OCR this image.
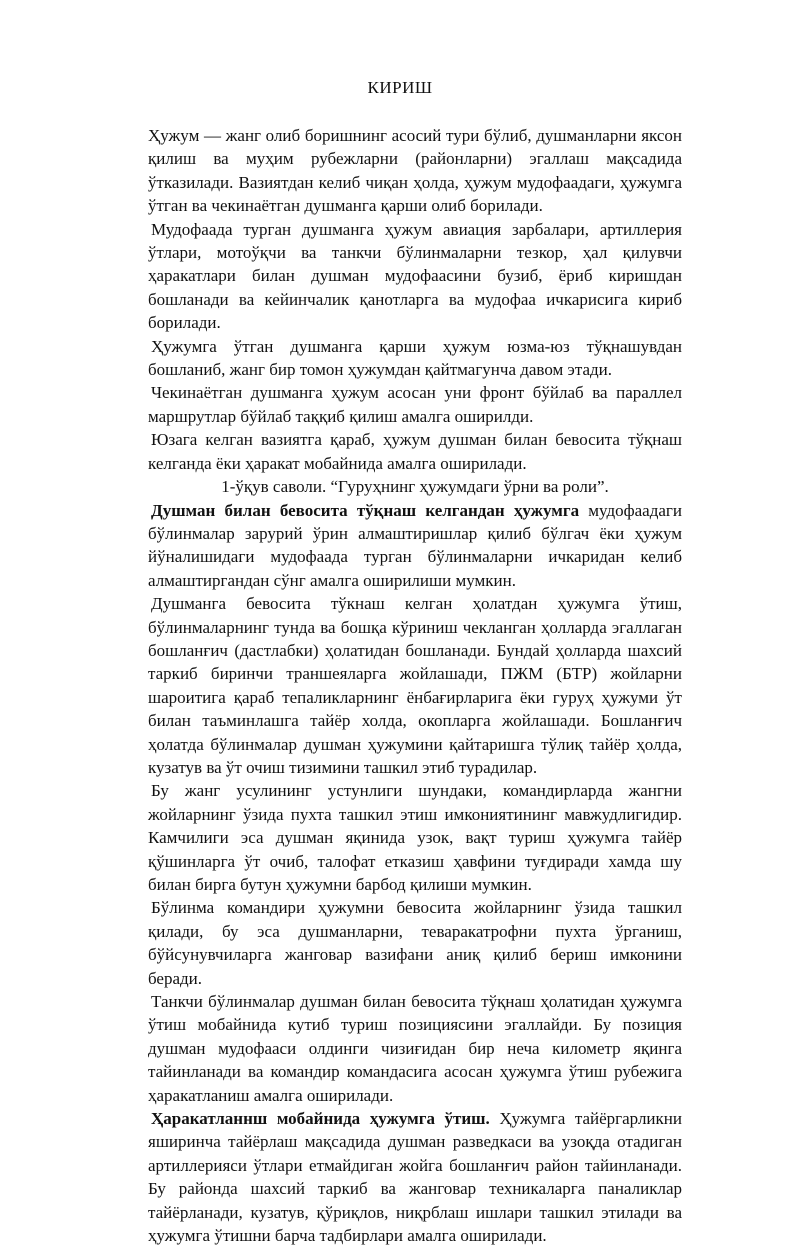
КИРИШ

Ҳужум — жанг олиб боришнинг асосий тури бўлиб, душманларни яксон қилиш ва муҳим рубежларни (районларни) эгаллаш мақсадида ўтказилади. Вазиятдан келиб чиқан ҳолда, ҳужум мудофаадаги, ҳужумга ўтган ва чекинаётган душманга қарши олиб борилади.

Мудофаада турган душманга ҳужум авиация зарбалари, артиллерия ўтлари, мотоўқчи ва танкчи бўлинмаларни тезкор, ҳал қилувчи ҳаракатлари билан душман мудофаасини бузиб, ёриб киришдан бошланади ва кейинчалик қанотларга ва мудофаа ичкарисига кириб борилади.

Ҳужумга ўтган душманга қарши ҳужум юзма-юз тўқнашувдан бошланиб, жанг бир томон ҳужумдан қайтмагунча давом этади.

Чекинаётган душманга ҳужум асосан уни фронт бўйлаб ва параллел маршрутлар бўйлаб таққиб қилиш амалга оширилди.

Юзага келган вазиятга қараб, ҳужум душман билан бевосита тўқнаш келганда ёки ҳаракат мобайнида амалга оширилади.

1-ўқув саволи. “Гуруҳнинг ҳужумдаги ўрни ва роли”.

Душман билан бевосита тўқнаш келгандан ҳужумга мудофаадаги бўлинмалар зарурий ўрин алмаштиришлар қилиб бўлгач ёки ҳужум йўналишидаги мудофаада турган бўлинмаларни ичкаридан келиб алмаштиргандан сўнг амалга оширилиши мумкин.

Душманга бевосита тўкнаш келган ҳолатдан ҳужумга ўтиш, бўлинмаларнинг тунда ва бошқа кўриниш чекланган ҳолларда эгаллаган бошланғич (дастлабки) ҳолатидан бошланади. Бундай ҳолларда шахсий таркиб биринчи траншеяларга жойлашади, ПЖМ (БТР) жойларни шароитига қараб тепаликларнинг ёнбағирларига ёки гуруҳ ҳужуми ўт билан таъминлашга тайёр холда, окопларга жойлашади. Бошланғич ҳолатда бўлинмалар душман ҳужумини қайтаришга тўлиқ тайёр ҳолда, кузатув ва ўт очиш тизимини ташкил этиб турадилар.

Бу жанг усулининг устунлиги шундаки, командирларда жангни жойларнинг ўзида пухта ташкил этиш имкониятининг мавжудлигидир. Камчилиги эса душман яқинида узок, вақт туриш ҳужумга тайёр қўшинларга ўт очиб, талофат етказиш ҳавфини туғдиради хамда шу билан бирга бутун ҳужумни барбод қилиши мумкин.

Бўлинма командири ҳужумни бевосита жойларнинг ўзида ташкил қилади, бу эса душманларни, теваракатрофни пухта ўрганиш, бўйсунувчиларга жанговар вазифани аниқ қилиб бериш имконини беради.

Танкчи бўлинмалар душман билан бевосита тўқнаш ҳолатидан ҳужумга ўтиш мобайнида кутиб туриш позициясини эгаллайди. Бу позиция душман мудофааси олдинги чизиғидан бир неча километр яқинга тайинланади ва командир командасига асосан ҳужумга ўтиш рубежига ҳаракатланиш амалга оширилади.

Ҳаракатланнш мобайнида ҳужумга ўтиш. Ҳужумга тайёргарликни яширинча тайёрлаш мақсадида душман разведкаси ва узоқда отадиган артиллерияси ўтлари етмайдиган жойга бошланғич район тайинланади. Бу районда шахсий таркиб ва жанговар техникаларга паналиклар тайёрланади, кузатув, қўриқлов, ниқрблаш ишлари ташкил этилади ва ҳужумга ўтишни барча тадбирлари амалга оширилади.
